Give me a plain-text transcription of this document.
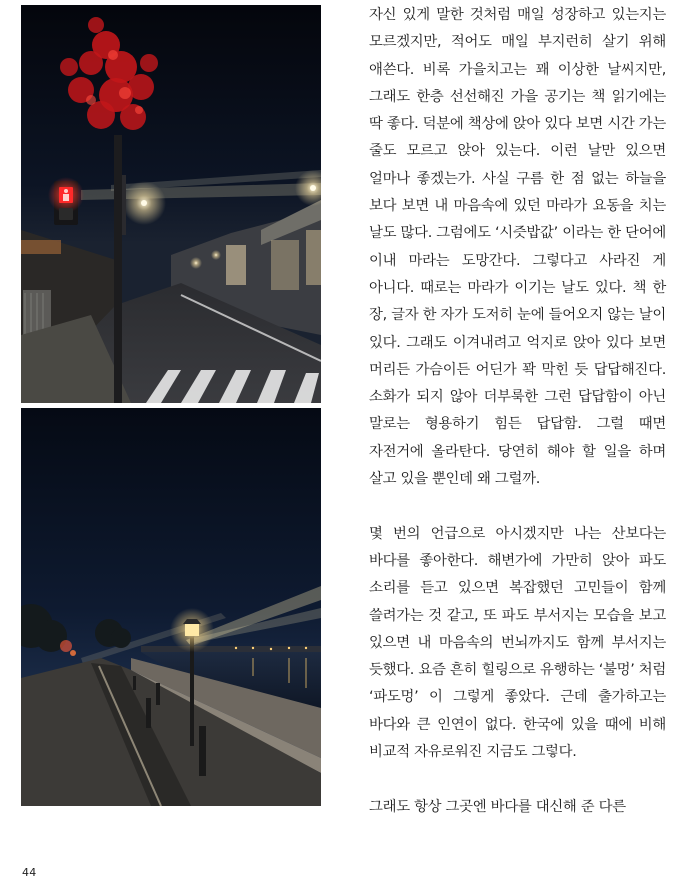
자신 있게 말한 것처럼 매일 성장하고 있는지는 모르겠지만, 적어도 매일 부지런히 살기 위해 애쓴다. 비록 가을치고는 꽤 이상한 날씨지만, 그래도 한층 선선해진 가을 공기는 책 읽기에는 딱 좋다. 덕분에 책상에 앉아 있다 보면 시간 가는 줄도 모르고 앉아 있는다. 이런 날만 있으면 얼마나 좋겠는가. 사실 구름 한 점 없는 하늘을 보다 보면 내 마음속에 있던 마라가 요동을 치는 날도 많다. 그럼에도 ‘시즛밥값’ 이라는 한 단어에 이내 마라는 도망간다. 그렇다고 사라진 게 아니다. 때로는 마라가 이기는 날도 있다. 책 한 장, 글자 한 자가 도저히 눈에 들어오지 않는 날이 있다. 그래도 이겨내려고 억지로 앉아 있다 보면 머리든 가슴이든 어딘가 꽉 막힌 듯 답답해진다. 소화가 되지 않아 더부룩한 그런 답답함이 아닌 말로는 형용하기 힘든 답답함. 그럴 때면 자전거에 올라탄다. 당연히 해야 할 일을 하며 살고 있을 뿐인데 왜 그럴까.

몇 번의 언급으로 아시겠지만 나는 산보다는 바다를 좋아한다. 해변가에 가만히 앉아 파도 소리를 듣고 있으면 복잡했던 고민들이 함께 쓸려가는 것 같고, 또 파도 부서지는 모습을 보고 있으면 내 마음속의 번뇌까지도 함께 부서지는 듯했다. 요즘 흔히 힐링으로 유행하는 ‘불멍’ 처럼 ‘파도멍’ 이 그렇게 좋았다. 근데 출가하고는 바다와 큰 인연이 없다. 한국에 있을 때에 비해 비교적 자유로워진 지금도 그렇다.

그래도 항상 그곳엔 바다를 대신해 준 다른

44
